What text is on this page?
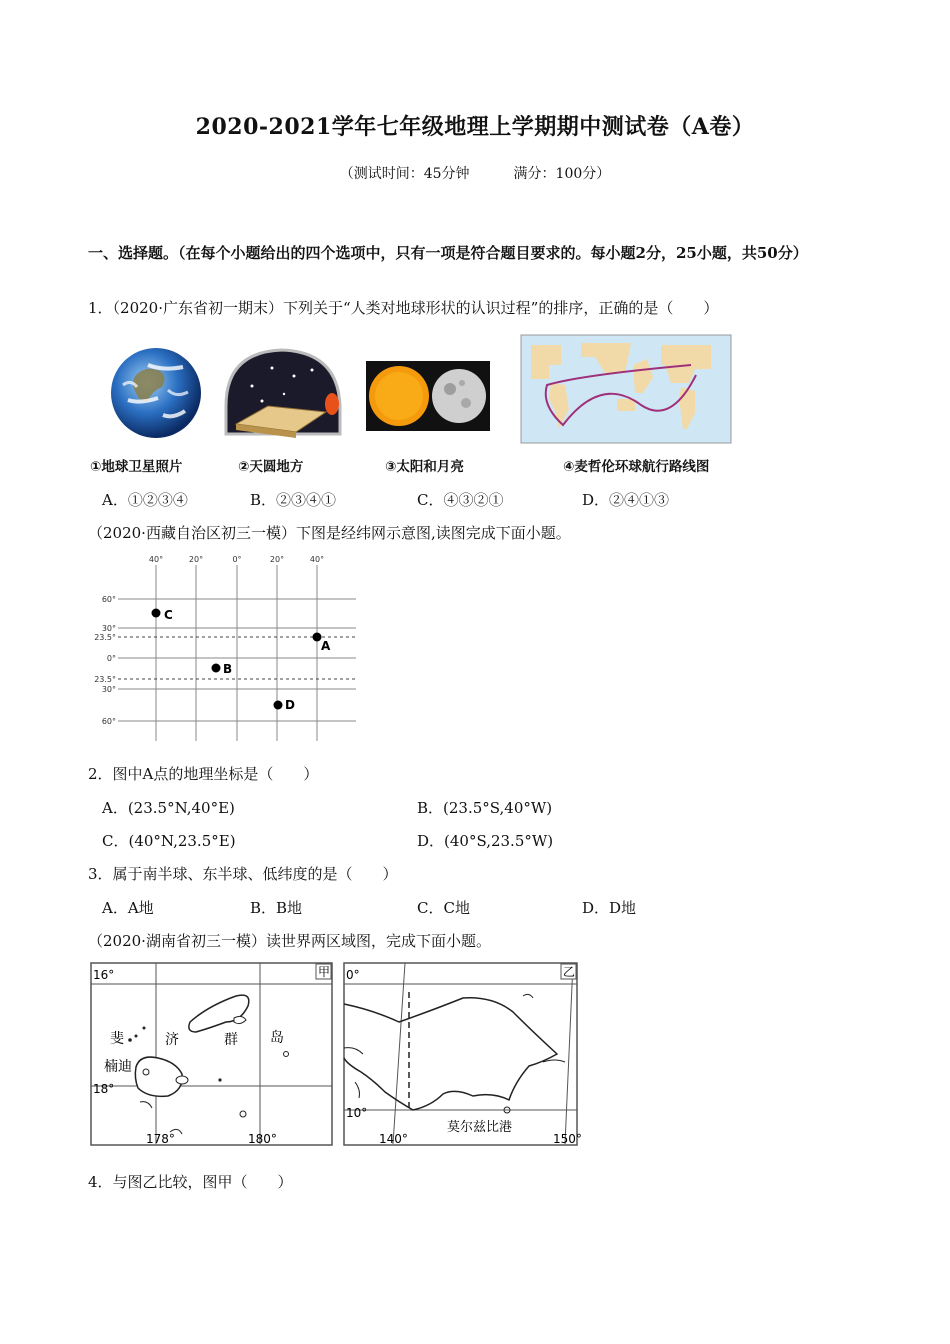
2020-2021学年七年级地理上学期期中测试卷（A卷）
（测试时间：45分钟	满分：100分）
一、选择题。（在每个小题给出的四个选项中，只有一项是符合题目要求的。每小题2分，25小题，共50分）
1．（2020·广东省初一期末）下列关于“人类对地球形状的认识过程”的排序，正确的是（　　）
①地球卫星照片	②天圆地方	③太阳和月亮	④麦哲伦环球航行路线图
A．①②③④	B．②③④①	C．④③②①	D．②④①③
（2020·西藏自治区初三一模）下图是经纬网示意图,读图完成下面小题。
40°	20°	0°	20°	40°
60°
30°
23.5°
0°
23.5°
30°
60°
C
A
B
D
2．图中A点的地理坐标是（　　）
A．(23.5°N,40°E)	B．(23.5°S,40°W)
C．(40°N,23.5°E)	D．(40°S,23.5°W)
3．属于南半球、东半球、低纬度的是（　　）
A．A地	B．B地	C．C地	D．D地
（2020·湖南省初三一模）读世界两区域图，完成下面小题。
甲
16°
18°
178°	180°
斐	济	群 岛
楠迪
乙
0°
10°
140°	150°
莫尔兹比港
4．与图乙比较，图甲（　　）
